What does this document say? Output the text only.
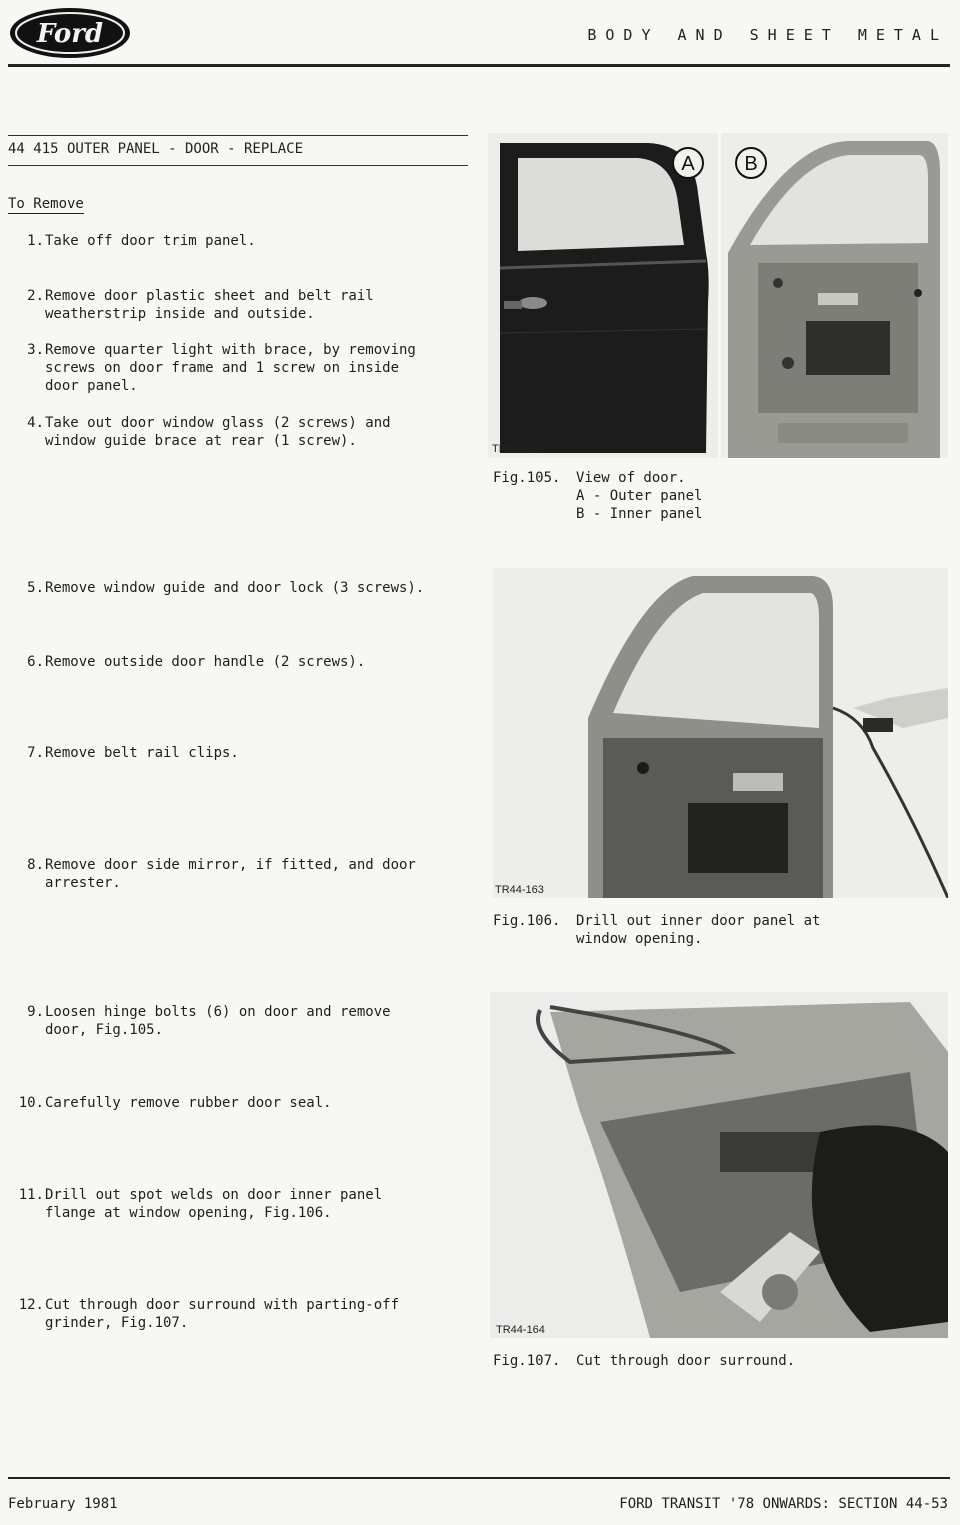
Ford	BODY AND SHEET METAL
44 415 OUTER PANEL - DOOR - REPLACE
To Remove
1. Take off door trim panel.
2. Remove door plastic sheet and belt rail
weatherstrip inside and outside.
3. Remove quarter light with brace, by removing
screws on door frame and 1 screw on inside
door panel.
4. Take out door window glass (2 screws) and
window guide brace at rear (1 screw).
5. Remove window guide and door lock (3 screws).
6. Remove outside door handle (2 screws).
7. Remove belt rail clips.
8. Remove door side mirror, if fitted, and door
arrester.
9. Loosen hinge bolts (6) on door and remove
door, Fig.105.
10. Carefully remove rubber door seal.
11. Drill out spot welds on door inner panel
flange at window opening, Fig.106.
12. Cut through door surround with parting-off
grinder, Fig.107.
A B
TR44-162
Fig.105. View of door.
A - Outer panel
B - Inner panel
TR44-163
Fig.106. Drill out inner door panel at
window opening.
TR44-164
Fig.107. Cut through door surround.
February 1981	FORD TRANSIT '78 ONWARDS: SECTION 44-53
